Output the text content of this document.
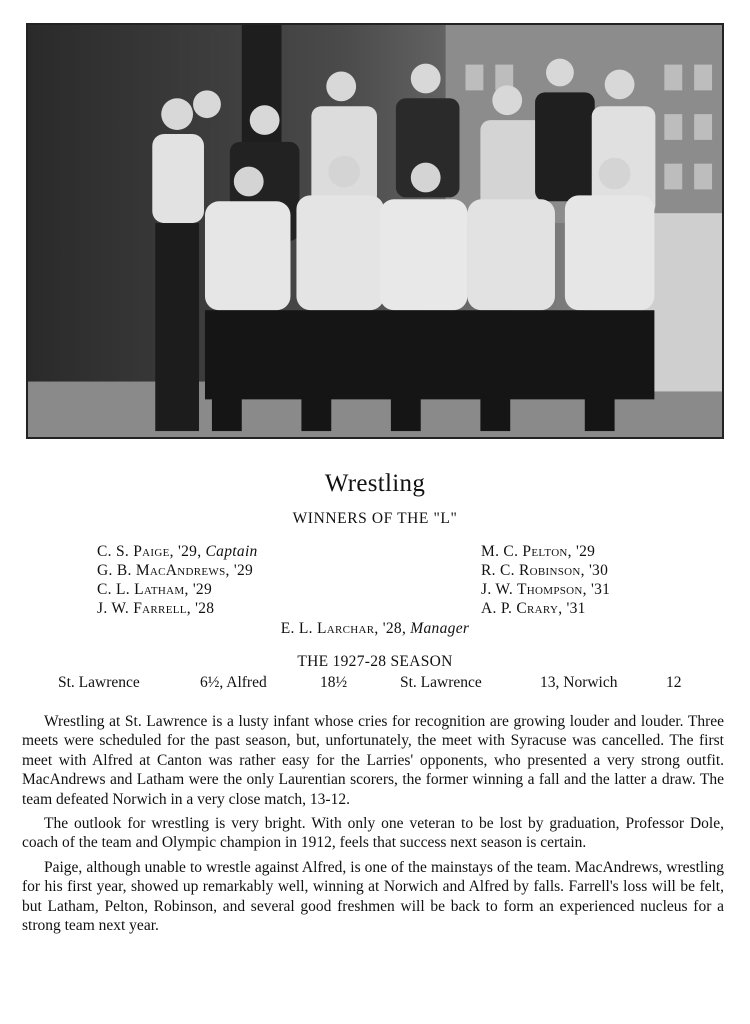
Wrestling
WINNERS OF THE "L"
C. S. Paige, '29, Captain
G. B. MacAndrews, '29
C. L. Latham, '29
J. W. Farrell, '28
M. C. Pelton, '29
R. C. Robinson, '30
J. W. Thompson, '31
A. P. Crary, '31
E. L. Larchar, '28, Manager
THE 1927-28 SEASON
St. Lawrence	6½, Alfred	18½	St. Lawrence	13, Norwich	12

Wrestling at St. Lawrence is a lusty infant whose cries for recognition are growing louder and louder. Three meets were scheduled for the past season, but, unfortunately, the meet with Syracuse was cancelled. The first meet with Alfred at Canton was rather easy for the Larries' opponents, who presented a very strong outfit. MacAndrews and Latham were the only Laurentian scorers, the former winning a fall and the latter a draw. The team defeated Norwich in a very close match, 13-12.

The outlook for wrestling is very bright. With only one veteran to be lost by graduation, Professor Dole, coach of the team and Olympic champion in 1912, feels that success next season is certain.

Paige, although unable to wrestle against Alfred, is one of the mainstays of the team. MacAndrews, wrestling for his first year, showed up remarkably well, winning at Norwich and Alfred by falls. Farrell's loss will be felt, but Latham, Pelton, Robinson, and several good freshmen will be back to form an experienced nucleus for a strong team next year.
